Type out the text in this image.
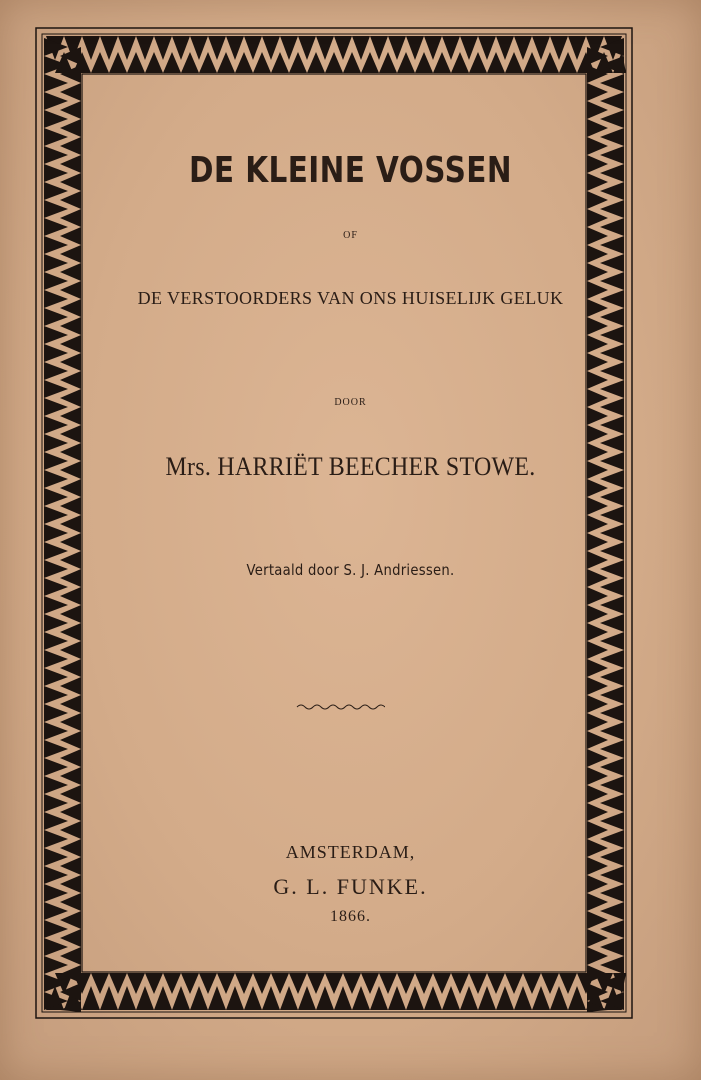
DE KLEINE VOSSEN
OF
DE VERSTOORDERS VAN ONS HUISELIJK GELUK
DOOR
Mrs. HARRIËT BEECHER STOWE.
Vertaald door S. J. Andriessen.
AMSTERDAM,
G. L. FUNKE.
1866.
